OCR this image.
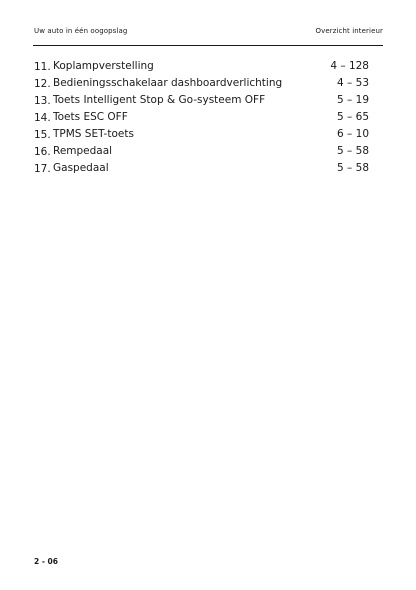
Uw auto in één oogopslag	Overzicht interieur
11. Koplampverstelling	4 – 128
12. Bedieningsschakelaar dashboardverlichting	4 – 53
13. Toets Intelligent Stop & Go-systeem OFF	5 – 19
14. Toets ESC OFF	5 – 65
15. TPMS SET-toets	6 – 10
16. Rempedaal	5 – 58
17. Gaspedaal	5 – 58
2 - 06
